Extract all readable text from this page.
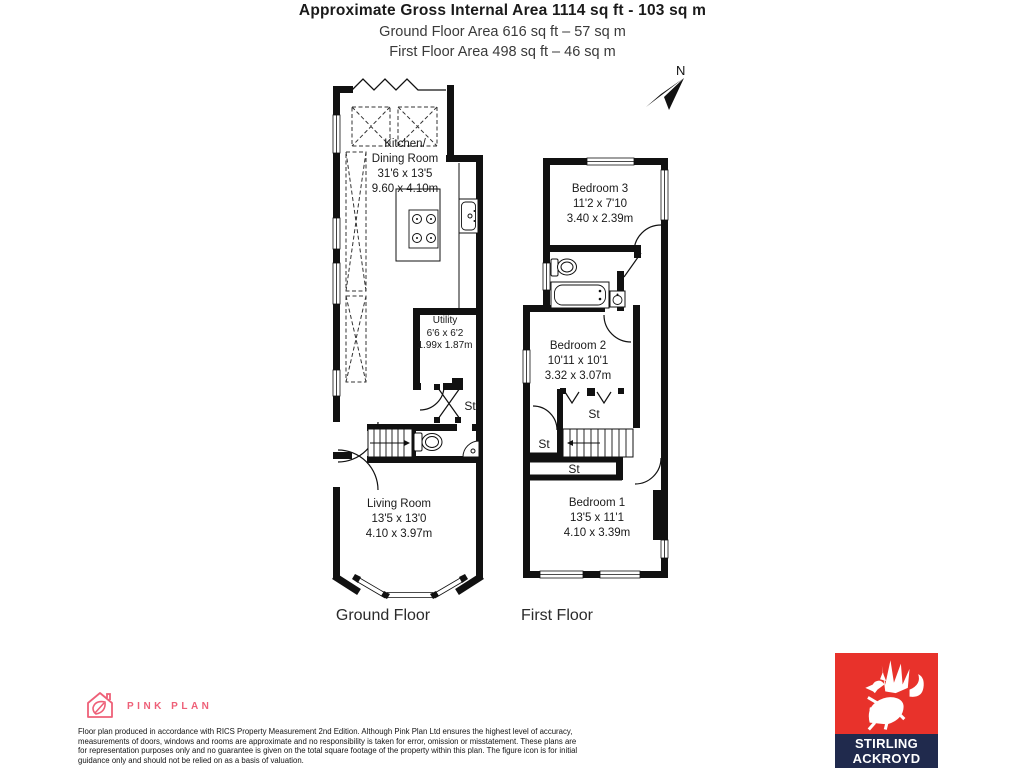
Approximate Gross Internal Area 1114 sq ft - 103 sq m
Ground Floor Area 616 sq ft – 57 sq m
First Floor Area 498 sq ft – 46 sq m
N
Kitchen/
Dining Room
31'6 x 13'5
9.60 x 4.10m
Utility
6'6 x 6'2
1.99x 1.87m
Living Room
13'5 x 13'0
4.10 x 3.97m
St
Bedroom 3
11'2 x 7'10
3.40 x 2.39m
Bedroom 2
10'11 x 10'1
3.32 x 3.07m
Bedroom 1
13'5 x 11'1
4.10 x 3.39m
St
St
St
Ground Floor	First Floor
PINK PLAN
Floor plan produced in accordance with RICS Property Measurement 2nd Edition. Although Pink Plan Ltd ensures the highest level of accuracy, measurements of doors, windows and rooms are approximate and no responsibility is taken for error, omission or misstatement. These plans are for representation purposes only and no guarantee is given on the total square footage of the property within this plan. The figure icon is for initial guidance only and should not be relied on as a basis of valuation.
STIRLING
ACKROYD
